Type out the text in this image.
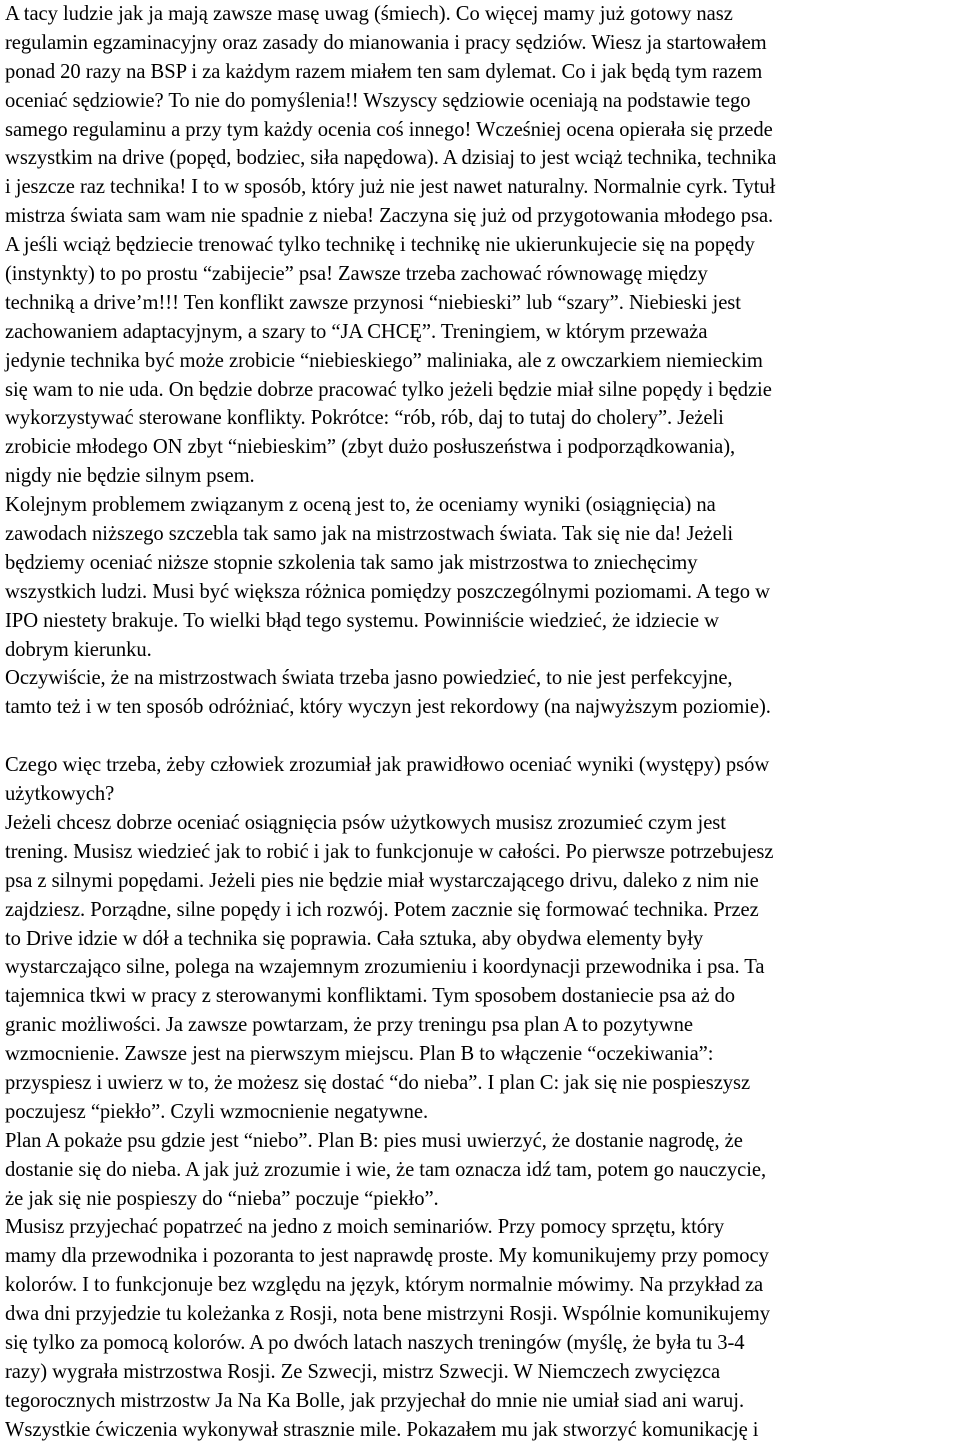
A tacy ludzie jak ja mają zawsze masę uwag (śmiech). Co więcej mamy już gotowy nasz
regulamin egzaminacyjny oraz zasady do mianowania i pracy sędziów. Wiesz ja startowałem
ponad 20 razy na BSP i za każdym razem miałem ten sam dylemat. Co i jak będą tym razem
oceniać sędziowie? To nie do pomyślenia!! Wszyscy sędziowie oceniają na podstawie tego
samego regulaminu a przy tym każdy ocenia coś innego! Wcześniej ocena opierała się przede
wszystkim na drive (popęd, bodziec, siła napędowa). A dzisiaj to jest wciąż technika, technika
i jeszcze raz technika! I to w sposób, który już nie jest nawet naturalny. Normalnie cyrk. Tytuł
mistrza świata sam wam nie spadnie z nieba! Zaczyna się już od przygotowania młodego psa.
A jeśli wciąż będziecie trenować tylko technikę i technikę nie ukierunkujecie się na popędy
(instynkty) to po prostu “zabijecie” psa! Zawsze trzeba zachować równowagę między
techniką a drive’m!!! Ten konflikt zawsze przynosi “niebieski” lub “szary”. Niebieski jest
zachowaniem adaptacyjnym, a szary to “JA CHCĘ”. Treningiem, w którym przeważa
jedynie technika być może zrobicie “niebieskiego” maliniaka, ale z owczarkiem niemieckim
się wam to nie uda. On będzie dobrze pracować tylko jeżeli będzie miał silne popędy i będzie
wykorzystywać sterowane konflikty. Pokrótce: “rób, rób, daj to tutaj do cholery”. Jeżeli
zrobicie młodego ON zbyt “niebieskim” (zbyt dużo posłuszeństwa i podporządkowania),
nigdy nie będzie silnym psem.
Kolejnym problemem związanym z oceną jest to, że oceniamy wyniki (osiągnięcia) na
zawodach niższego szczebla tak samo jak na mistrzostwach świata. Tak się nie da! Jeżeli
będziemy oceniać niższe stopnie szkolenia tak samo jak mistrzostwa to zniechęcimy
wszystkich ludzi. Musi być większa różnica pomiędzy poszczególnymi poziomami. A tego w
IPO niestety brakuje. To wielki błąd tego systemu. Powinniście wiedzieć, że idziecie w
dobrym kierunku.
Oczywiście, że na mistrzostwach świata trzeba jasno powiedzieć, to nie jest perfekcyjne,
tamto też i w ten sposób odróżniać, który wyczyn jest rekordowy (na najwyższym poziomie).
Czego więc trzeba, żeby człowiek zrozumiał jak prawidłowo oceniać wyniki (występy) psów
użytkowych?
Jeżeli chcesz dobrze oceniać osiągnięcia psów użytkowych musisz zrozumieć czym jest
trening. Musisz wiedzieć jak to robić i jak to funkcjonuje w całości. Po pierwsze potrzebujesz
psa z silnymi popędami. Jeżeli pies nie będzie miał wystarczającego drivu, daleko z nim nie
zajdziesz. Porządne, silne popędy i ich rozwój. Potem zacznie się formować technika. Przez
to Drive idzie w dół a technika się poprawia. Cała sztuka, aby obydwa elementy były
wystarczająco silne, polega na wzajemnym zrozumieniu i koordynacji przewodnika i psa. Ta
tajemnica tkwi w pracy z sterowanymi konfliktami. Tym sposobem dostaniecie psa aż do
granic możliwości. Ja zawsze powtarzam, że przy treningu psa plan A to pozytywne
wzmocnienie. Zawsze jest na pierwszym miejscu. Plan B to włączenie “oczekiwania”:
przyspiesz i uwierz w to, że możesz się dostać “do nieba”. I plan C: jak się nie pospieszysz
poczujesz “piekło”. Czyli wzmocnienie negatywne.
Plan A pokaże psu gdzie jest “niebo”. Plan B: pies musi uwierzyć, że dostanie nagrodę, że
dostanie się do nieba. A jak już zrozumie i wie, że tam oznacza idź tam, potem go nauczycie,
że jak się nie pospieszy do “nieba” poczuje “piekło”.
Musisz przyjechać popatrzeć na jedno z moich seminariów. Przy pomocy sprzętu, który
mamy dla przewodnika i pozoranta to jest naprawdę proste. My komunikujemy przy pomocy
kolorów. I to funkcjonuje bez względu na język, którym normalnie mówimy. Na przykład za
dwa dni przyjedzie tu koleżanka z Rosji, nota bene mistrzyni Rosji. Wspólnie komunikujemy
się tylko za pomocą kolorów. A po dwóch latach naszych treningów (myślę, że była tu 3-4
razy) wygrała mistrzostwa Rosji. Ze Szwecji, mistrz Szwecji. W Niemczech zwycięzca
tegorocznych mistrzostw Ja Na Ka Bolle, jak przyjechał do mnie nie umiał siad ani waruj.
Wszystkie ćwiczenia wykonywał strasznie mile. Pokazałem mu jak stworzyć komunikację i
